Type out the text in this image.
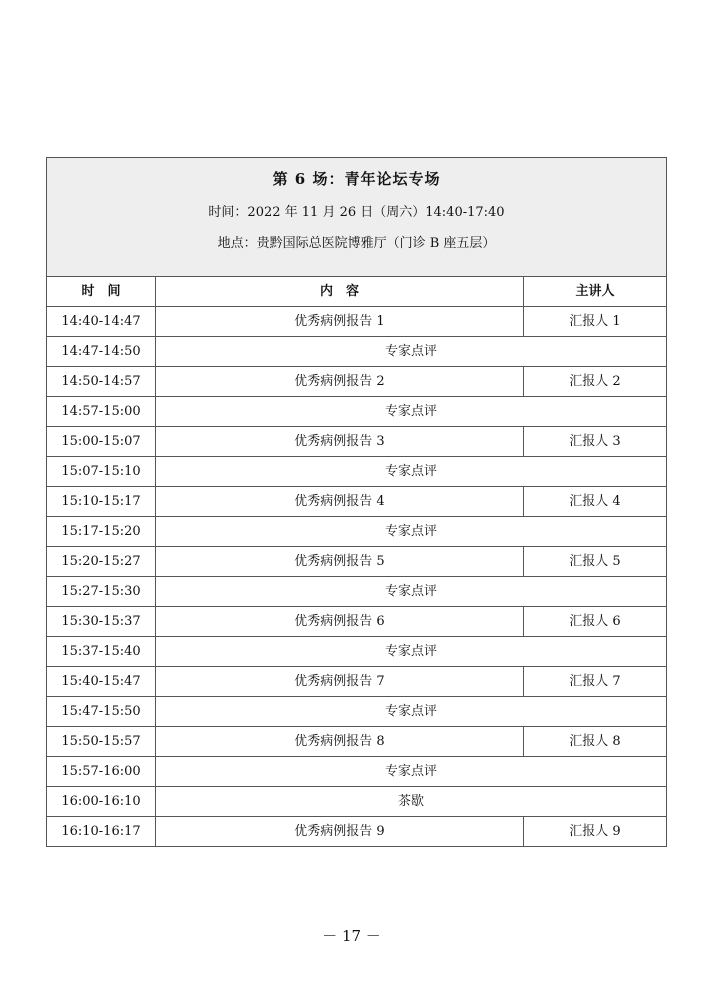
第 6 场：青年论坛专场
时间：2022 年 11 月 26 日（周六）14:40-17:40
地点：贵黔国际总医院博雅厅（门诊 B 座五层）		

时　间	内　容	主讲人
14:40-14:47	优秀病例报告 1	汇报人 1
14:47-14:50	专家点评	
14:50-14:57	优秀病例报告 2	汇报人 2
14:57-15:00	专家点评	
15:00-15:07	优秀病例报告 3	汇报人 3
15:07-15:10	专家点评	
15:10-15:17	优秀病例报告 4	汇报人 4
15:17-15:20	专家点评	
15:20-15:27	优秀病例报告 5	汇报人 5
15:27-15:30	专家点评	
15:30-15:37	优秀病例报告 6	汇报人 6
15:37-15:40	专家点评	
15:40-15:47	优秀病例报告 7	汇报人 7
15:47-15:50	专家点评	
15:50-15:57	优秀病例报告 8	汇报人 8
15:57-16:00	专家点评	
16:00-16:10	茶歇	
16:10-16:17	优秀病例报告 9	汇报人 9
－ 17 －
